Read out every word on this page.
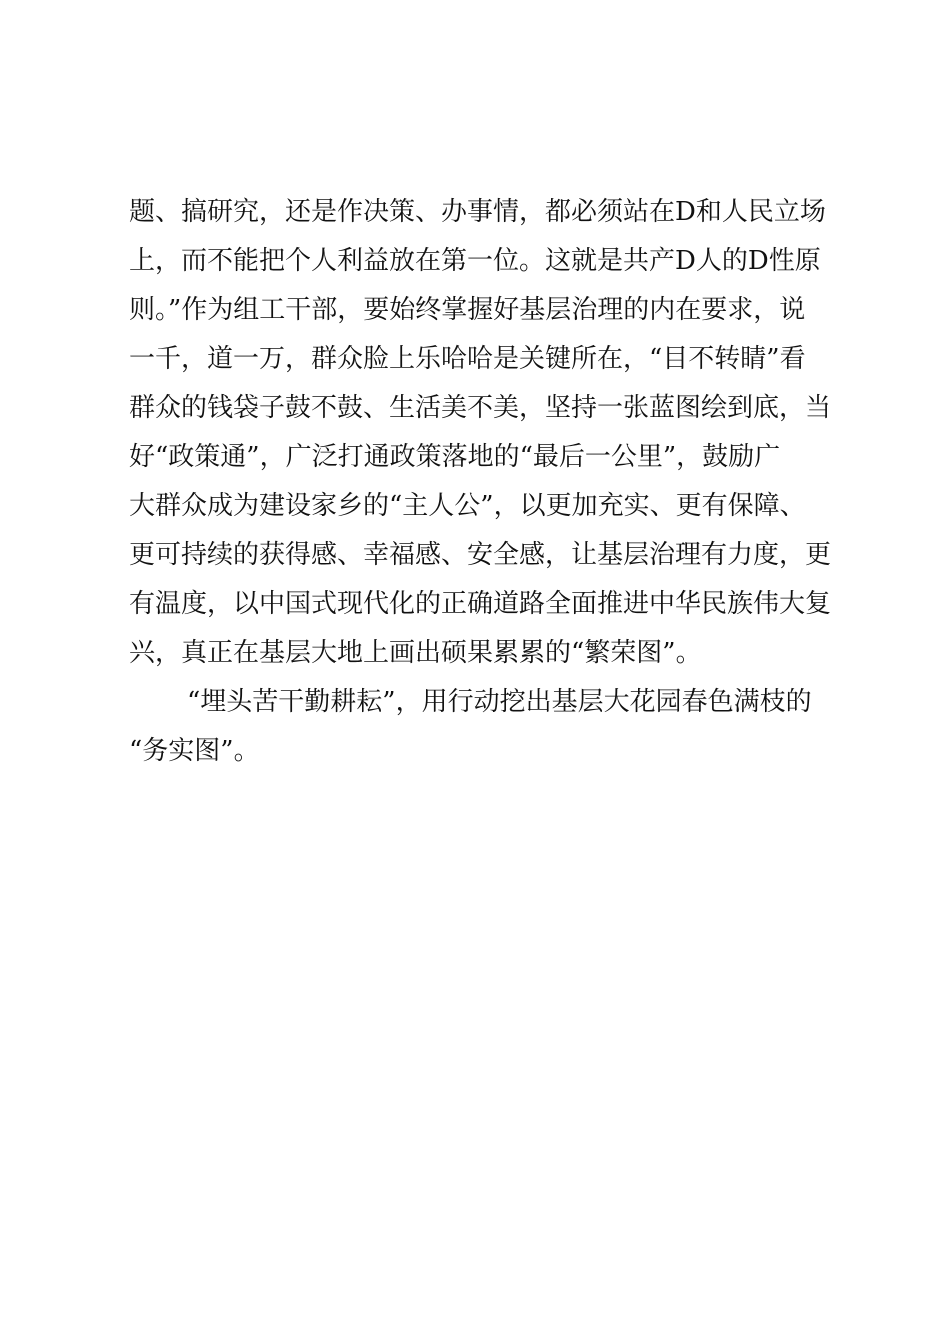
题、搞研究，还是作决策、办事情，都必须站在D和人民立场
上，而不能把个人利益放在第一位。这就是共产D人的D性原
则。”作为组工干部，要始终掌握好基层治理的内在要求，说
一千，道一万，群众脸上乐哈哈是关键所在，“目不转睛”看
群众的钱袋子鼓不鼓、生活美不美，坚持一张蓝图绘到底，当
好“政策通”，广泛打通政策落地的“最后一公里”，鼓励广
大群众成为建设家乡的“主人公”，以更加充实、更有保障、
更可持续的获得感、幸福感、安全感，让基层治理有力度，更
有温度，以中国式现代化的正确道路全面推进中华民族伟大复
兴，真正在基层大地上画出硕果累累的“繁荣图”。
“埋头苦干勤耕耘”，用行动挖出基层大花园春色满枝的
“务实图”。
